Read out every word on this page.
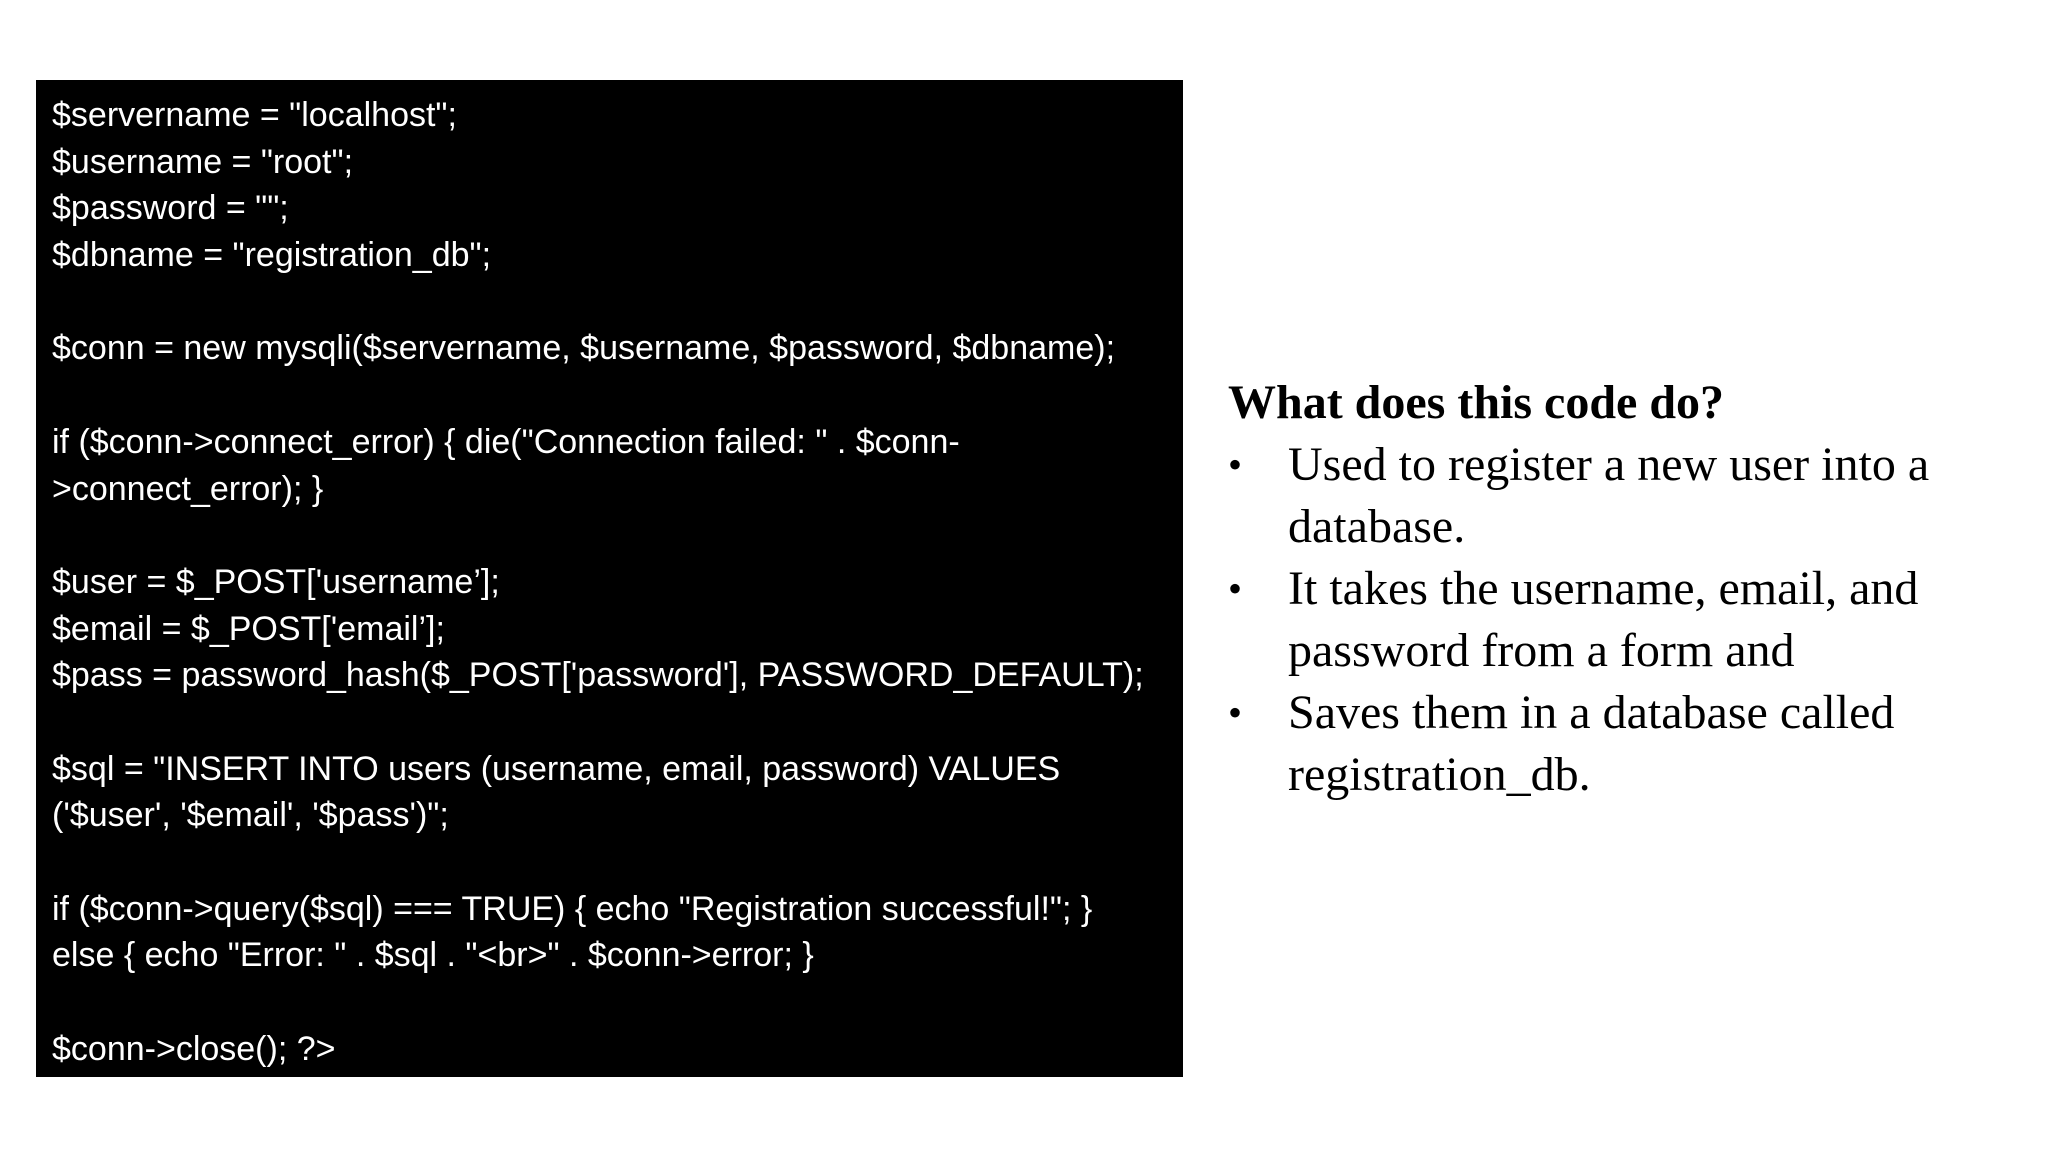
$servername = "localhost";
$username = "root";
$password = "";
$dbname = "registration_db";
$conn = new mysqli($servername, $username, $password, $dbname);
if ($conn->connect_error) { die("Connection failed: " . $conn-
>connect_error); }
$user = $_POST['username’];
$email = $_POST['email’];
$pass = password_hash($_POST['password'], PASSWORD_DEFAULT);
$sql = "INSERT INTO users (username, email, password) VALUES
('$user', '$email', '$pass')";
if ($conn->query($sql) === TRUE) { echo "Registration successful!"; }
else { echo "Error: " . $sql . "<br>" . $conn->error; }
$conn->close(); ?>
What does this code do?
• Used to register a new user into a database.
• It takes the username, email, and password from a form and
• Saves them in a database called registration_db.
